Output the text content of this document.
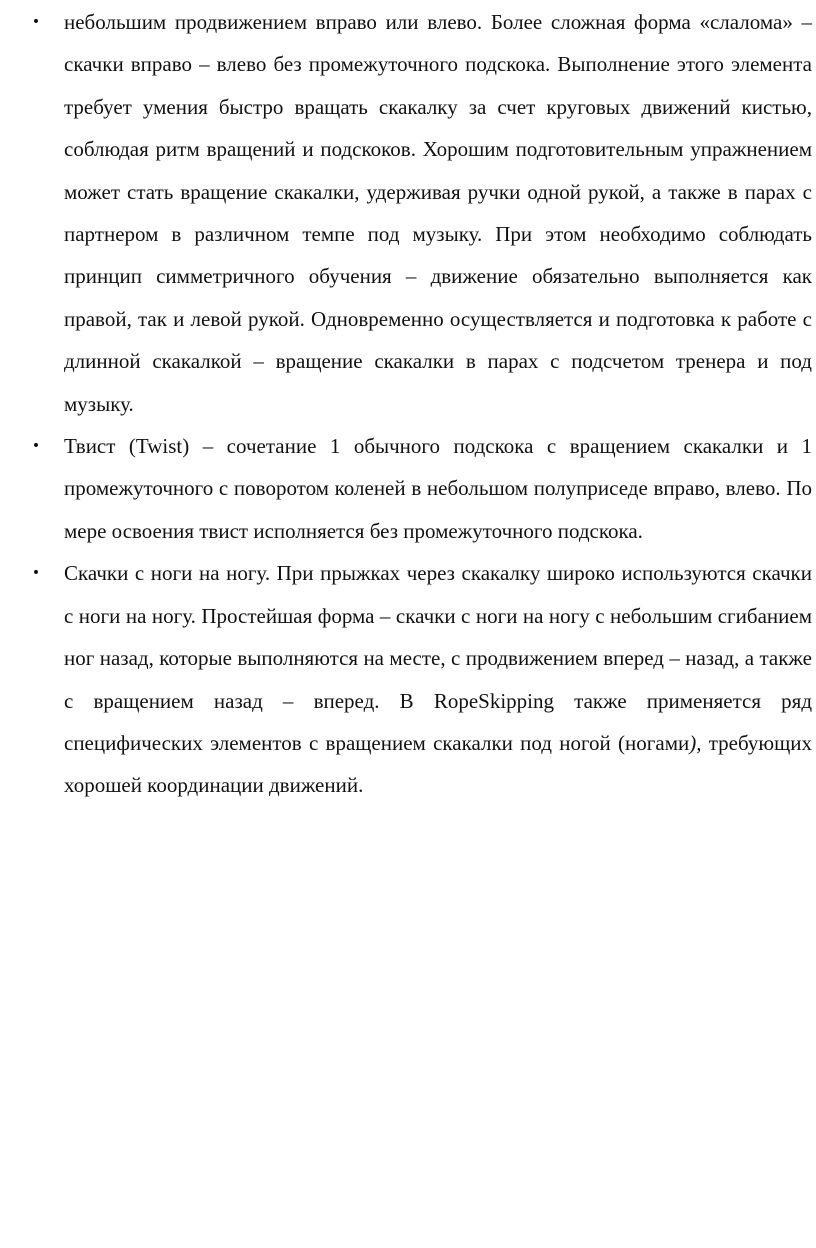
• небольшим продвижением вправо или влево. Более сложная форма «слалома» – скачки вправо – влево без промежуточного подскока. Выполнение этого элемента требует умения быстро вращать скакалку за счет круговых движений кистью, соблюдая ритм вращений и подскоков. Хорошим подготовительным упражнением может стать вращение скакалки, удерживая ручки одной рукой, а также в парах с партнером в различном темпе под музыку. При этом необходимо соблюдать принцип симметричного обучения – движение обязательно выполняется как правой, так и левой рукой. Одновременно осуществляется и подготовка к работе с длинной скакалкой – вращение скакалки в парах с подсчетом тренера и под музыку.

• Твист (Twist) – сочетание 1 обычного подскока с вращением скакалки и 1 промежуточного с поворотом коленей в небольшом полуприседе вправо, влево. По мере освоения твист исполняется без промежуточного подскока.

• Скачки с ноги на ногу. При прыжках через скакалку широко используются скачки с ноги на ногу. Простейшая форма – скачки с ноги на ногу с небольшим сгибанием ног назад, которые выполняются на месте, с продвижением вперед – назад, а также с вращением назад – вперед. В RopeSkipping также применяется ряд специфических элементов с вращением скакалки под ногой (ногами), требующих хорошей координации движений.
